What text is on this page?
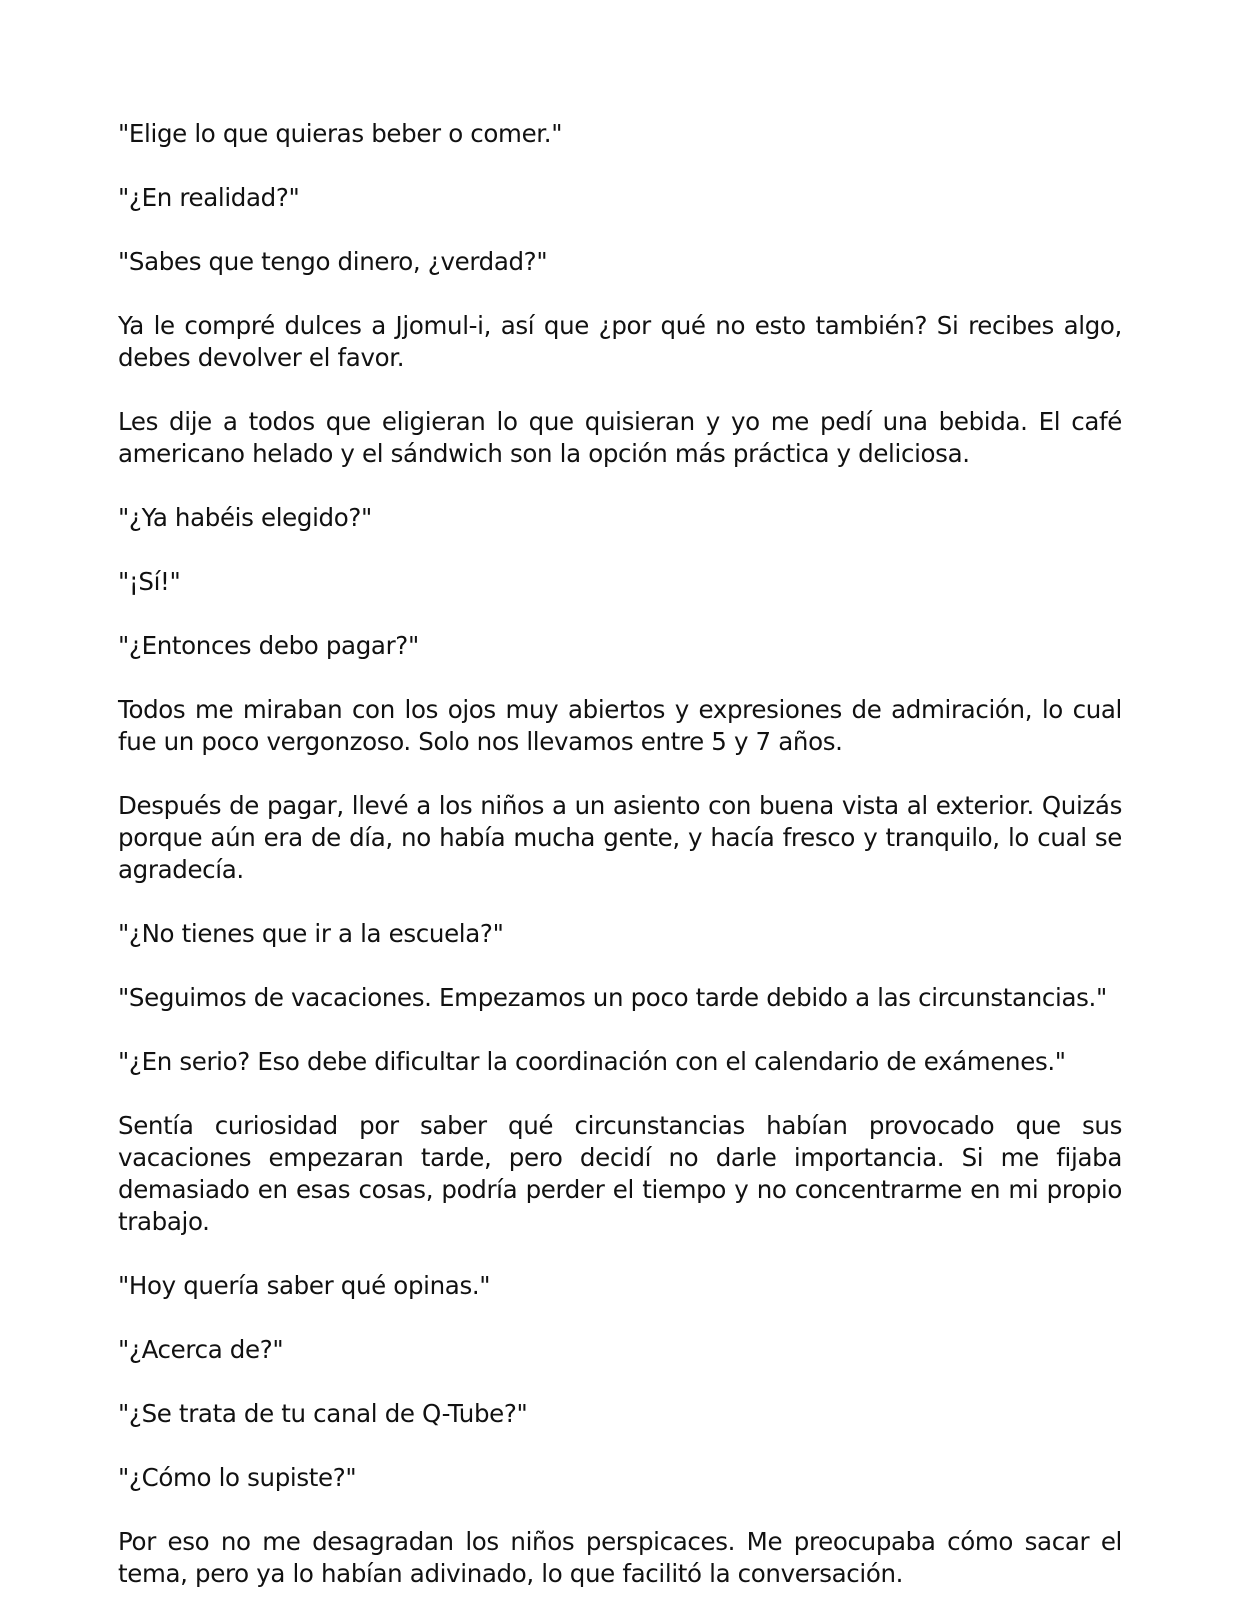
"Elige lo que quieras beber o comer."

"¿En realidad?"

"Sabes que tengo dinero, ¿verdad?"

Ya le compré dulces a Jjomul-i, así que ¿por qué no esto también? Si recibes algo, debes devolver el favor.

Les dije a todos que eligieran lo que quisieran y yo me pedí una bebida. El café americano helado y el sándwich son la opción más práctica y deliciosa.

"¿Ya habéis elegido?"

"¡Sí!"

"¿Entonces debo pagar?"

Todos me miraban con los ojos muy abiertos y expresiones de admiración, lo cual fue un poco vergonzoso. Solo nos llevamos entre 5 y 7 años.

Después de pagar, llevé a los niños a un asiento con buena vista al exterior. Quizás porque aún era de día, no había mucha gente, y hacía fresco y tranquilo, lo cual se agradecía.

"¿No tienes que ir a la escuela?"

"Seguimos de vacaciones. Empezamos un poco tarde debido a las circunstancias."

"¿En serio? Eso debe dificultar la coordinación con el calendario de exámenes."

Sentía curiosidad por saber qué circunstancias habían provocado que sus vacaciones empezaran tarde, pero decidí no darle importancia. Si me fijaba demasiado en esas cosas, podría perder el tiempo y no concentrarme en mi propio trabajo.

"Hoy quería saber qué opinas."

"¿Acerca de?"

"¿Se trata de tu canal de Q-Tube?"

"¿Cómo lo supiste?"

Por eso no me desagradan los niños perspicaces. Me preocupaba cómo sacar el tema, pero ya lo habían adivinado, lo que facilitó la conversación.
